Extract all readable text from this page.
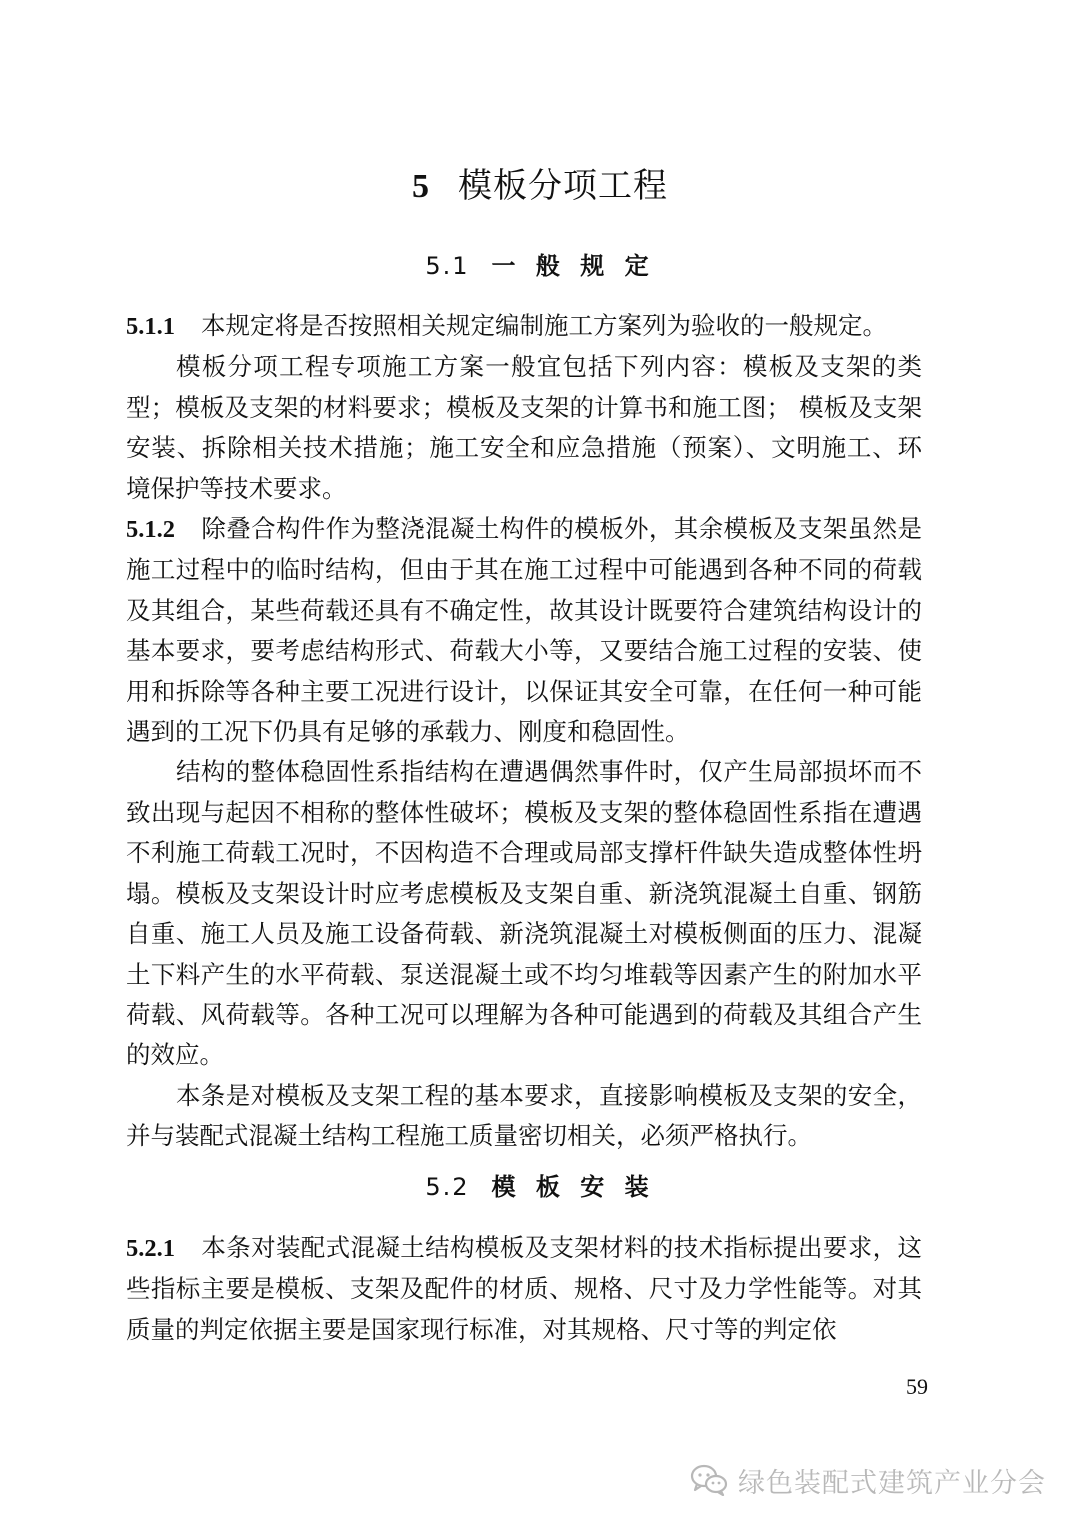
5 模板分项工程
5.1 一 般 规 定

5.1.1 本规定将是否按照相关规定编制施工方案列为验收的一般规定。

模板分项工程专项施工方案一般宜包括下列内容：模板及支架的类型；模板及支架的材料要求；模板及支架的计算书和施工图； 模板及支架安装、拆除相关技术措施；施工安全和应急措施（预案）、文明施工、环境保护等技术要求。

5.1.2 除叠合构件作为整浇混凝土构件的模板外，其余模板及支架虽然是施工过程中的临时结构，但由于其在施工过程中可能遇到各种不同的荷载及其组合，某些荷载还具有不确定性，故其设计既要符合建筑结构设计的基本要求，要考虑结构形式、荷载大小等，又要结合施工过程的安装、使用和拆除等各种主要工况进行设计，以保证其安全可靠，在任何一种可能遇到的工况下仍具有足够的承载力、刚度和稳固性。

结构的整体稳固性系指结构在遭遇偶然事件时，仅产生局部损坏而不致出现与起因不相称的整体性破坏；模板及支架的整体稳固性系指在遭遇不利施工荷载工况时，不因构造不合理或局部支撑杆件缺失造成整体性坍塌。模板及支架设计时应考虑模板及支架自重、新浇筑混凝土自重、钢筋自重、施工人员及施工设备荷载、新浇筑混凝土对模板侧面的压力、混凝土下料产生的水平荷载、泵送混凝土或不均匀堆载等因素产生的附加水平荷载、风荷载等。各种工况可以理解为各种可能遇到的荷载及其组合产生的效应。

本条是对模板及支架工程的基本要求，直接影响模板及支架的安全，并与装配式混凝土结构工程施工质量密切相关，必须严格执行。

5.2 模 板 安 装

5.2.1 本条对装配式混凝土结构模板及支架材料的技术指标提出要求，这些指标主要是模板、支架及配件的材质、规格、尺寸及力学性能等。对其质量的判定依据主要是国家现行标准，对其规格、尺寸等的判定依

59
绿色装配式建筑产业分会
